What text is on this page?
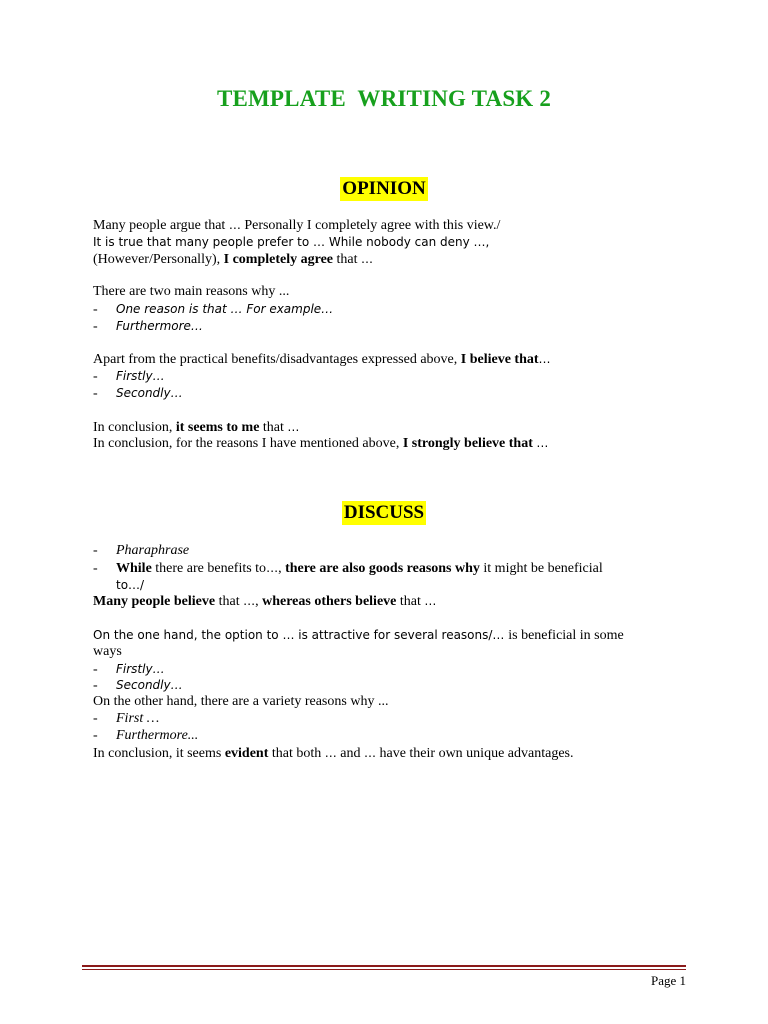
TEMPLATE  WRITING TASK 2
OPINION
Many people argue that … Personally I completely agree with this view./
It is true that many people prefer to … While nobody can deny …,
(However/Personally), I completely agree that …
There are two main reasons why ...
- One reason is that … For example…
- Furthermore…
Apart from the practical benefits/disadvantages expressed above, I believe that…
- Firstly…
- Secondly…
In conclusion, it seems to me that …
In conclusion, for the reasons I have mentioned above, I strongly believe that …
DISCUSS
- Pharaphrase
- While there are benefits to…, there are also goods reasons why it might be beneficial
to…/
Many people believe that …, whereas others believe that …
On the one hand, the option to … is attractive for several reasons/… is beneficial in some
ways
- Firstly…
- Secondly…
On the other hand, there are a variety reasons why ...
- First …
- Furthermore...
In conclusion, it seems evident that both … and … have their own unique advantages.
Page 1
